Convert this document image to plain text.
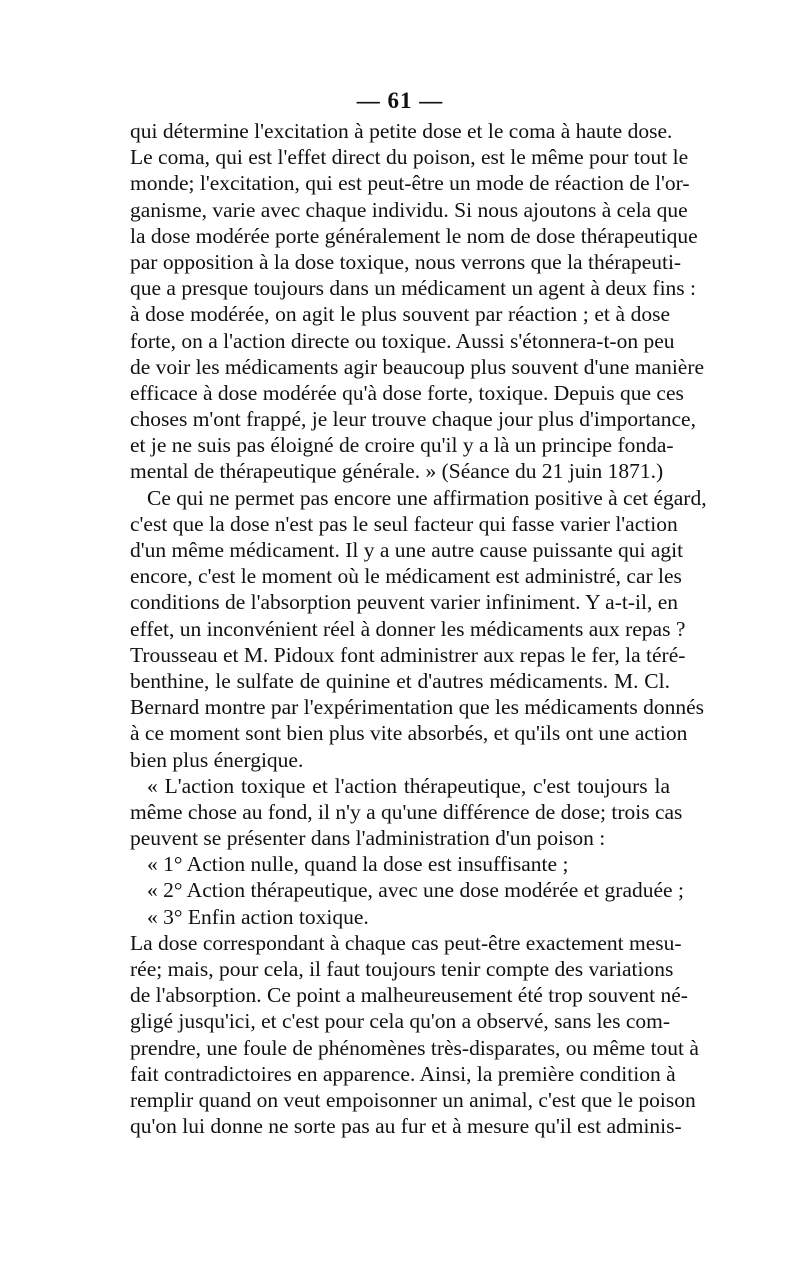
— 61 —
qui détermine l'excitation à petite dose et le coma à haute dose.
Le coma, qui est l'effet direct du poison, est le même pour tout le
monde; l'excitation, qui est peut-être un mode de réaction de l'or-
ganisme, varie avec chaque individu. Si nous ajoutons à cela que
la dose modérée porte généralement le nom de dose thérapeutique
par opposition à la dose toxique, nous verrons que la thérapeuti-
que a presque toujours dans un médicament un agent à deux fins :
à dose modérée, on agit le plus souvent par réaction ; et à dose
forte, on a l'action directe ou toxique. Aussi s'étonnera-t-on peu
de voir les médicaments agir beaucoup plus souvent d'une manière
efficace à dose modérée qu'à dose forte, toxique. Depuis que ces
choses m'ont frappé, je leur trouve chaque jour plus d'importance,
et je ne suis pas éloigné de croire qu'il y a là un principe fonda-
mental de thérapeutique générale. » (Séance du 21 juin 1871.)
Ce qui ne permet pas encore une affirmation positive à cet égard,
c'est que la dose n'est pas le seul facteur qui fasse varier l'action
d'un même médicament. Il y a une autre cause puissante qui agit
encore, c'est le moment où le médicament est administré, car les
conditions de l'absorption peuvent varier infiniment. Y a-t-il, en
effet, un inconvénient réel à donner les médicaments aux repas ?
Trousseau et M. Pidoux font administrer aux repas le fer, la téré-
benthine, le sulfate de quinine et d'autres médicaments. M. Cl.
Bernard montre par l'expérimentation que les médicaments donnés
à ce moment sont bien plus vite absorbés, et qu'ils ont une action
bien plus énergique.
« L'action toxique et l'action thérapeutique, c'est toujours la
même chose au fond, il n'y a qu'une différence de dose; trois cas
peuvent se présenter dans l'administration d'un poison :
« 1° Action nulle, quand la dose est insuffisante ;
« 2° Action thérapeutique, avec une dose modérée et graduée ;
« 3° Enfin action toxique.
La dose correspondant à chaque cas peut-être exactement mesu-
rée; mais, pour cela, il faut toujours tenir compte des variations
de l'absorption. Ce point a malheureusement été trop souvent né-
gligé jusqu'ici, et c'est pour cela qu'on a observé, sans les com-
prendre, une foule de phénomènes très-disparates, ou même tout à
fait contradictoires en apparence. Ainsi, la première condition à
remplir quand on veut empoisonner un animal, c'est que le poison
qu'on lui donne ne sorte pas au fur et à mesure qu'il est adminis-
